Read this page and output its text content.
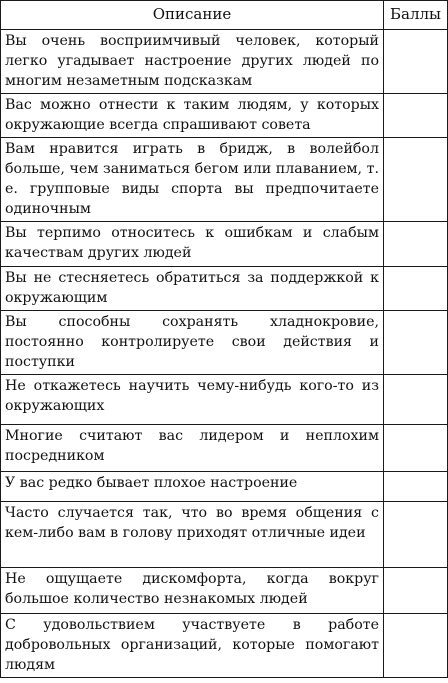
Описание	Баллы
Вы очень восприимчивый человек, который легко угадывает настроение других людей по многим незаметным подсказкам	
Вас можно отнести к таким людям, у которых окружающие всегда спрашивают совета	
Вам нравится играть в бридж, в волейбол больше, чем заниматься бегом или плаванием, т. е. групповые виды спорта вы предпочитаете одиночным	
Вы терпимо относитесь к ошибкам и слабым качествам других людей	
Вы не стесняетесь обратиться за поддержкой к окружающим	
Вы способны сохранять хладнокровие, постоянно контролируете свои действия и поступки	
Не откажетесь научить чему-нибудь кого-то из окружающих	
Многие считают вас лидером и неплохим посредником	
У вас редко бывает плохое настроение	
Часто случается так, что во время общения с кем-либо вам в голову приходят отличные идеи	
Не ощущаете дискомфорта, когда вокруг большое количество незнакомых людей	
С удовольствием участвуете в работе добровольных организаций, которые помогают людям	
